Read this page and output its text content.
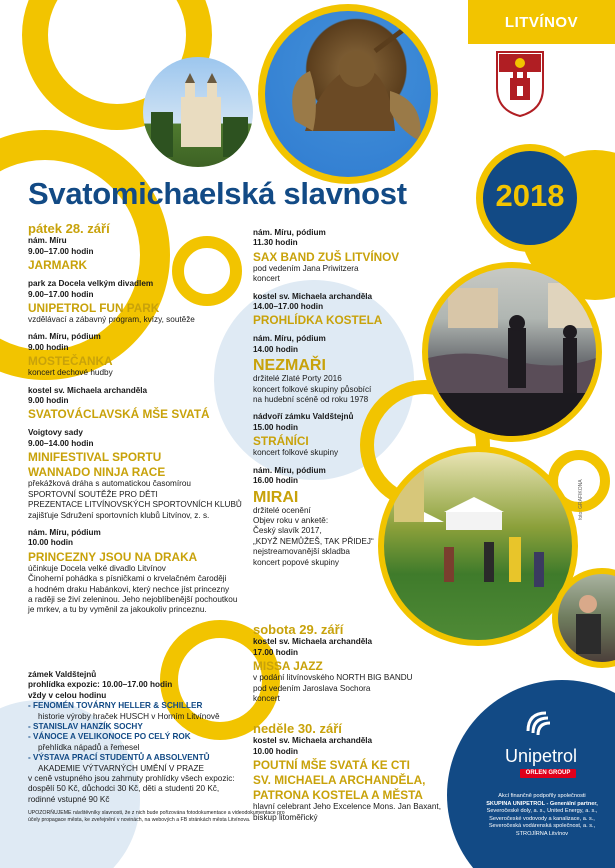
LITVÍNOV
Svatomichaelská slavnost	2018
pátek 28. září
nám. Míru
9.00–17.00 hodin
JARMARK
park za Docela velkým divadlem
9.00–17.00 hodin
UNIPETROL FUN PARK
vzdělávací a zábavný program, kvízy, soutěže
nám. Míru, pódium
9.00 hodin
MOSTEČANKA
koncert dechové hudby
kostel sv. Michaela archanděla
9.00 hodin
SVATOVÁCLAVSKÁ MŠE SVATÁ
Voigtovy sady
9.00–14.00 hodin
MINIFESTIVAL SPORTU
WANNADO NINJA RACE
překážková dráha s automatickou časomírou
SPORTOVNÍ SOUTĚŽE PRO DĚTI
PREZENTACE LITVÍNOVSKÝCH SPORTOVNÍCH KLUBŮ
zajišťuje Sdružení sportovních klubů Litvínov, z. s.
nám. Míru, pódium
10.00 hodin
PRINCEZNY JSOU NA DRAKA
účinkuje Docela velké divadlo Litvínov
Činoherní pohádka s písničkami o krvelačném čaroději
a hodném draku Habánkovi, který nechce jíst princezny
a raději se živí zeleninou. Jeho nejoblíbenější pochoutkou
je mrkev, a tu by vyměnil za jakoukoliv princeznu.
zámek Valdštejnů
prohlídka expozic: 10.00–17.00 hodin
vždy v celou hodinu
- FENOMÉN TOVÁRNY HELLER & SCHILLER
historie výroby hraček HUSCH v Horním Litvínově
- STANISLAV HANZÍK SOCHY
- VÁNOCE A VELIKONOCE PO CELÝ ROK
přehlídka nápadů a řemesel
- VÝSTAVA PRACÍ STUDENTŮ A ABSOLVENTŮ
AKADEMIE VÝTVARNÝCH UMĚNÍ V PRAZE
v ceně vstupného jsou zahrnuty prohlídky všech expozic:
dospělí 50 Kč, důchodci 30 Kč, děti a studenti 20 Kč,
rodinné vstupné 90 Kč
UPOZORŇUJEME návštěvníky slavnosti, že z nich bude pořizována fotodokumentace a videodokumentace pro účely propagace města, ke zveřejnění v novinách, na webových a FB stránkách města Litvínova.
nám. Míru, pódium
11.30 hodin
SAX BAND ZUŠ LITVÍNOV
pod vedením Jana Priwitzera
koncert
kostel sv. Michaela archanděla
14.00–17.00 hodin
PROHLÍDKA KOSTELA
nám. Míru, pódium
14.00 hodin
NEZMAŘI
držitelé Zlaté Porty 2016
koncert folkové skupiny působící
na hudební scéně od roku 1978
nádvoří zámku Valdštejnů
15.00 hodin
STRÁNÍCI
koncert folkové skupiny
nám. Míru, pódium
16.00 hodin
MIRAI
držitelé ocenění
Objev roku v anketě:
Český slavík 2017,
„KDYŽ NEMŮŽEŠ, TAK PŘIDEJ“
nejstreamovanější skladba
koncert popové skupiny
sobota 29. září
kostel sv. Michaela archanděla
17.00 hodin
MISSA JAZZ
v podání litvínovského NORTH BIG BANDU
pod vedením Jaroslava Sochora
koncert
neděle 30. září
kostel sv. Michaela archanděla
10.00 hodin
POUTNÍ MŠE SVATÁ KE CTI
SV. MICHAELA ARCHANDĚLA,
PATRONA KOSTELA A MĚSTA
hlavní celebrant Jeho Excelence Mons. Jan Baxant,
biskup litoměřický
foto: GRAFIKONA
Unipetrol
ORLEN GROUP
Akcí finančně podpořily společnosti
SKUPINA UNIPETROL - Generální partner,
Severočeské doly, a. s., United Energy, a. s.,
Severočeské vodovody a kanalizace, a. s.,
Severočeská vodárenská společnost, a. s.,
STROJÍRNA Litvínov
